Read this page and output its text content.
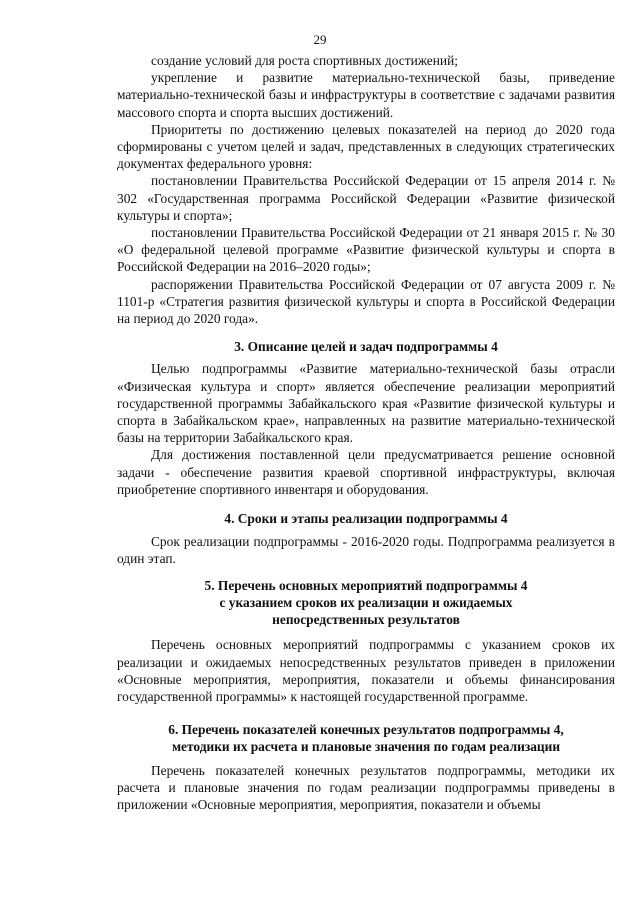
29

создание условий для роста спортивных достижений;

укрепление и развитие материально-технической базы, приведение материально-технической базы и инфраструктуры в соответствие с задачами развития массового спорта и спорта высших достижений.

Приоритеты по достижению целевых показателей на период до 2020 года сформированы с учетом целей и задач, представленных в следующих стратегических документах федерального уровня:

постановлении Правительства Российской Федерации от 15 апреля 2014 г. № 302 «Государственная программа Российской Федерации «Развитие физической культуры и спорта»;

постановлении Правительства Российской Федерации от 21 января 2015 г. № 30 «О федеральной целевой программе «Развитие физической культуры и спорта в Российской Федерации на 2016–2020 годы»;

распоряжении Правительства Российской Федерации от 07 августа 2009 г. № 1101-р «Стратегия развития физической культуры и спорта в Российской Федерации на период до 2020 года».

3. Описание целей и задач подпрограммы 4

Целью подпрограммы «Развитие материально-технической базы отрасли «Физическая культура и спорт» является обеспечение реализации мероприятий государственной программы Забайкальского края «Развитие физической культуры и спорта в Забайкальском крае», направленных на развитие материально-технической базы на территории Забайкальского края.

Для достижения поставленной цели предусматривается решение основной задачи - обеспечение развития краевой спортивной инфраструктуры, включая приобретение спортивного инвентаря и оборудования.

4. Сроки и этапы реализации подпрограммы 4

Срок реализации подпрограммы - 2016-2020 годы. Подпрограмма реализуется в один этап.

5. Перечень основных мероприятий подпрограммы 4
с указанием сроков их реализации и ожидаемых
непосредственных результатов

Перечень основных мероприятий подпрограммы с указанием сроков их реализации и ожидаемых непосредственных результатов приведен в приложении «Основные мероприятия, мероприятия, показатели и объемы финансирования государственной программы» к настоящей государственной программе.

6. Перечень показателей конечных результатов подпрограммы 4,
методики их расчета и плановые значения по годам реализации

Перечень показателей конечных результатов подпрограммы, методики их расчета и плановые значения по годам реализации подпрограммы приведены в приложении «Основные мероприятия, мероприятия, показатели и объемы
